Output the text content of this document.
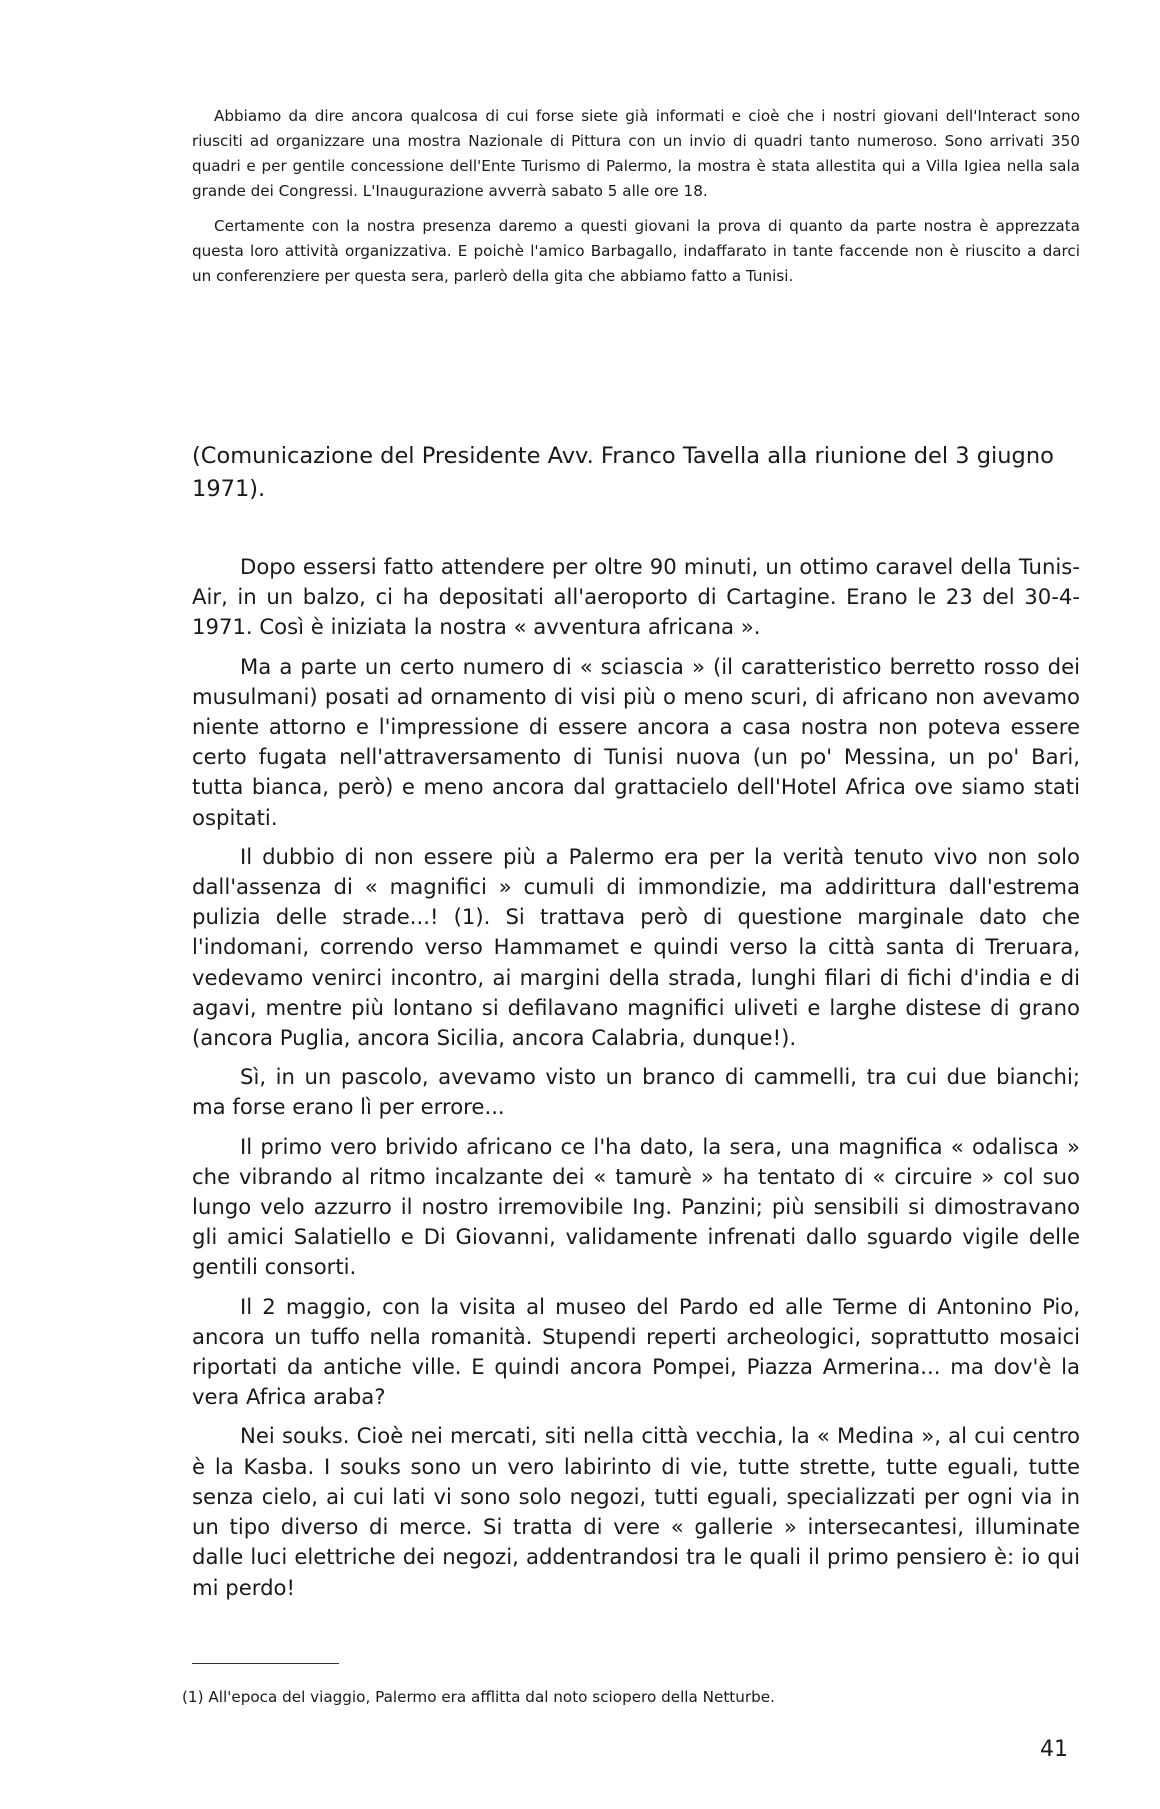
Abbiamo da dire ancora qualcosa di cui forse siete già informati e cioè che i nostri giovani dell'Interact sono riusciti ad organizzare una mostra Nazionale di Pittura con un invio di quadri tanto numeroso. Sono arrivati 350 quadri e per gentile concessione dell'Ente Turismo di Palermo, la mostra è stata allestita qui a Villa Igiea nella sala grande dei Congressi. L'Inaugurazione avverrà sabato 5 alle ore 18.

Certamente con la nostra presenza daremo a questi giovani la prova di quanto da parte nostra è apprezzata questa loro attività organizzativa. E poichè l'amico Barbagallo, indaffarato in tante faccende non è riuscito a darci un conferenziere per questa sera, parlerò della gita che abbiamo fatto a Tunisi.

(Comunicazione del Presidente Avv. Franco Tavella alla riunione del 3 giugno 1971).

Dopo essersi fatto attendere per oltre 90 minuti, un ottimo caravel della Tunis-Air, in un balzo, ci ha depositati all'aeroporto di Cartagine. Erano le 23 del 30-4-1971. Così è iniziata la nostra « avventura africana ».

Ma a parte un certo numero di « sciascia » (il caratteristico berretto rosso dei musulmani) posati ad ornamento di visi più o meno scuri, di africano non avevamo niente attorno e l'impressione di essere ancora a casa nostra non poteva essere certo fugata nell'attraversamento di Tunisi nuova (un po' Messina, un po' Bari, tutta bianca, però) e meno ancora dal grattacielo dell'Hotel Africa ove siamo stati ospitati.

Il dubbio di non essere più a Palermo era per la verità tenuto vivo non solo dall'assenza di « magnifici » cumuli di immondizie, ma addirittura dall'estrema pulizia delle strade...! (1). Si trattava però di questione marginale dato che l'indomani, correndo verso Hammamet e quindi verso la città santa di Treruara, vedevamo venirci incontro, ai margini della strada, lunghi filari di fichi d'india e di agavi, mentre più lontano si defilavano magnifici uliveti e larghe distese di grano (ancora Puglia, ancora Sicilia, ancora Calabria, dunque!).

Sì, in un pascolo, avevamo visto un branco di cammelli, tra cui due bianchi; ma forse erano lì per errore...

Il primo vero brivido africano ce l'ha dato, la sera, una magnifica « odalisca » che vibrando al ritmo incalzante dei « tamurè » ha tentato di « circuire » col suo lungo velo azzurro il nostro irremovibile Ing. Panzini; più sensibili si dimostravano gli amici Salatiello e Di Giovanni, validamente infrenati dallo sguardo vigile delle gentili consorti.

Il 2 maggio, con la visita al museo del Pardo ed alle Terme di Antonino Pio, ancora un tuffo nella romanità. Stupendi reperti archeologici, soprattutto mosaici riportati da antiche ville. E quindi ancora Pompei, Piazza Armerina... ma dov'è la vera Africa araba?

Nei souks. Cioè nei mercati, siti nella città vecchia, la « Medina », al cui centro è la Kasba. I souks sono un vero labirinto di vie, tutte strette, tutte eguali, tutte senza cielo, ai cui lati vi sono solo negozi, tutti eguali, specializzati per ogni via in un tipo diverso di merce. Si tratta di vere « gallerie » intersecantesi, illuminate dalle luci elettriche dei negozi, addentrandosi tra le quali il primo pensiero è: io qui mi perdo!

(1) All'epoca del viaggio, Palermo era afflitta dal noto sciopero della Netturbe.
41
